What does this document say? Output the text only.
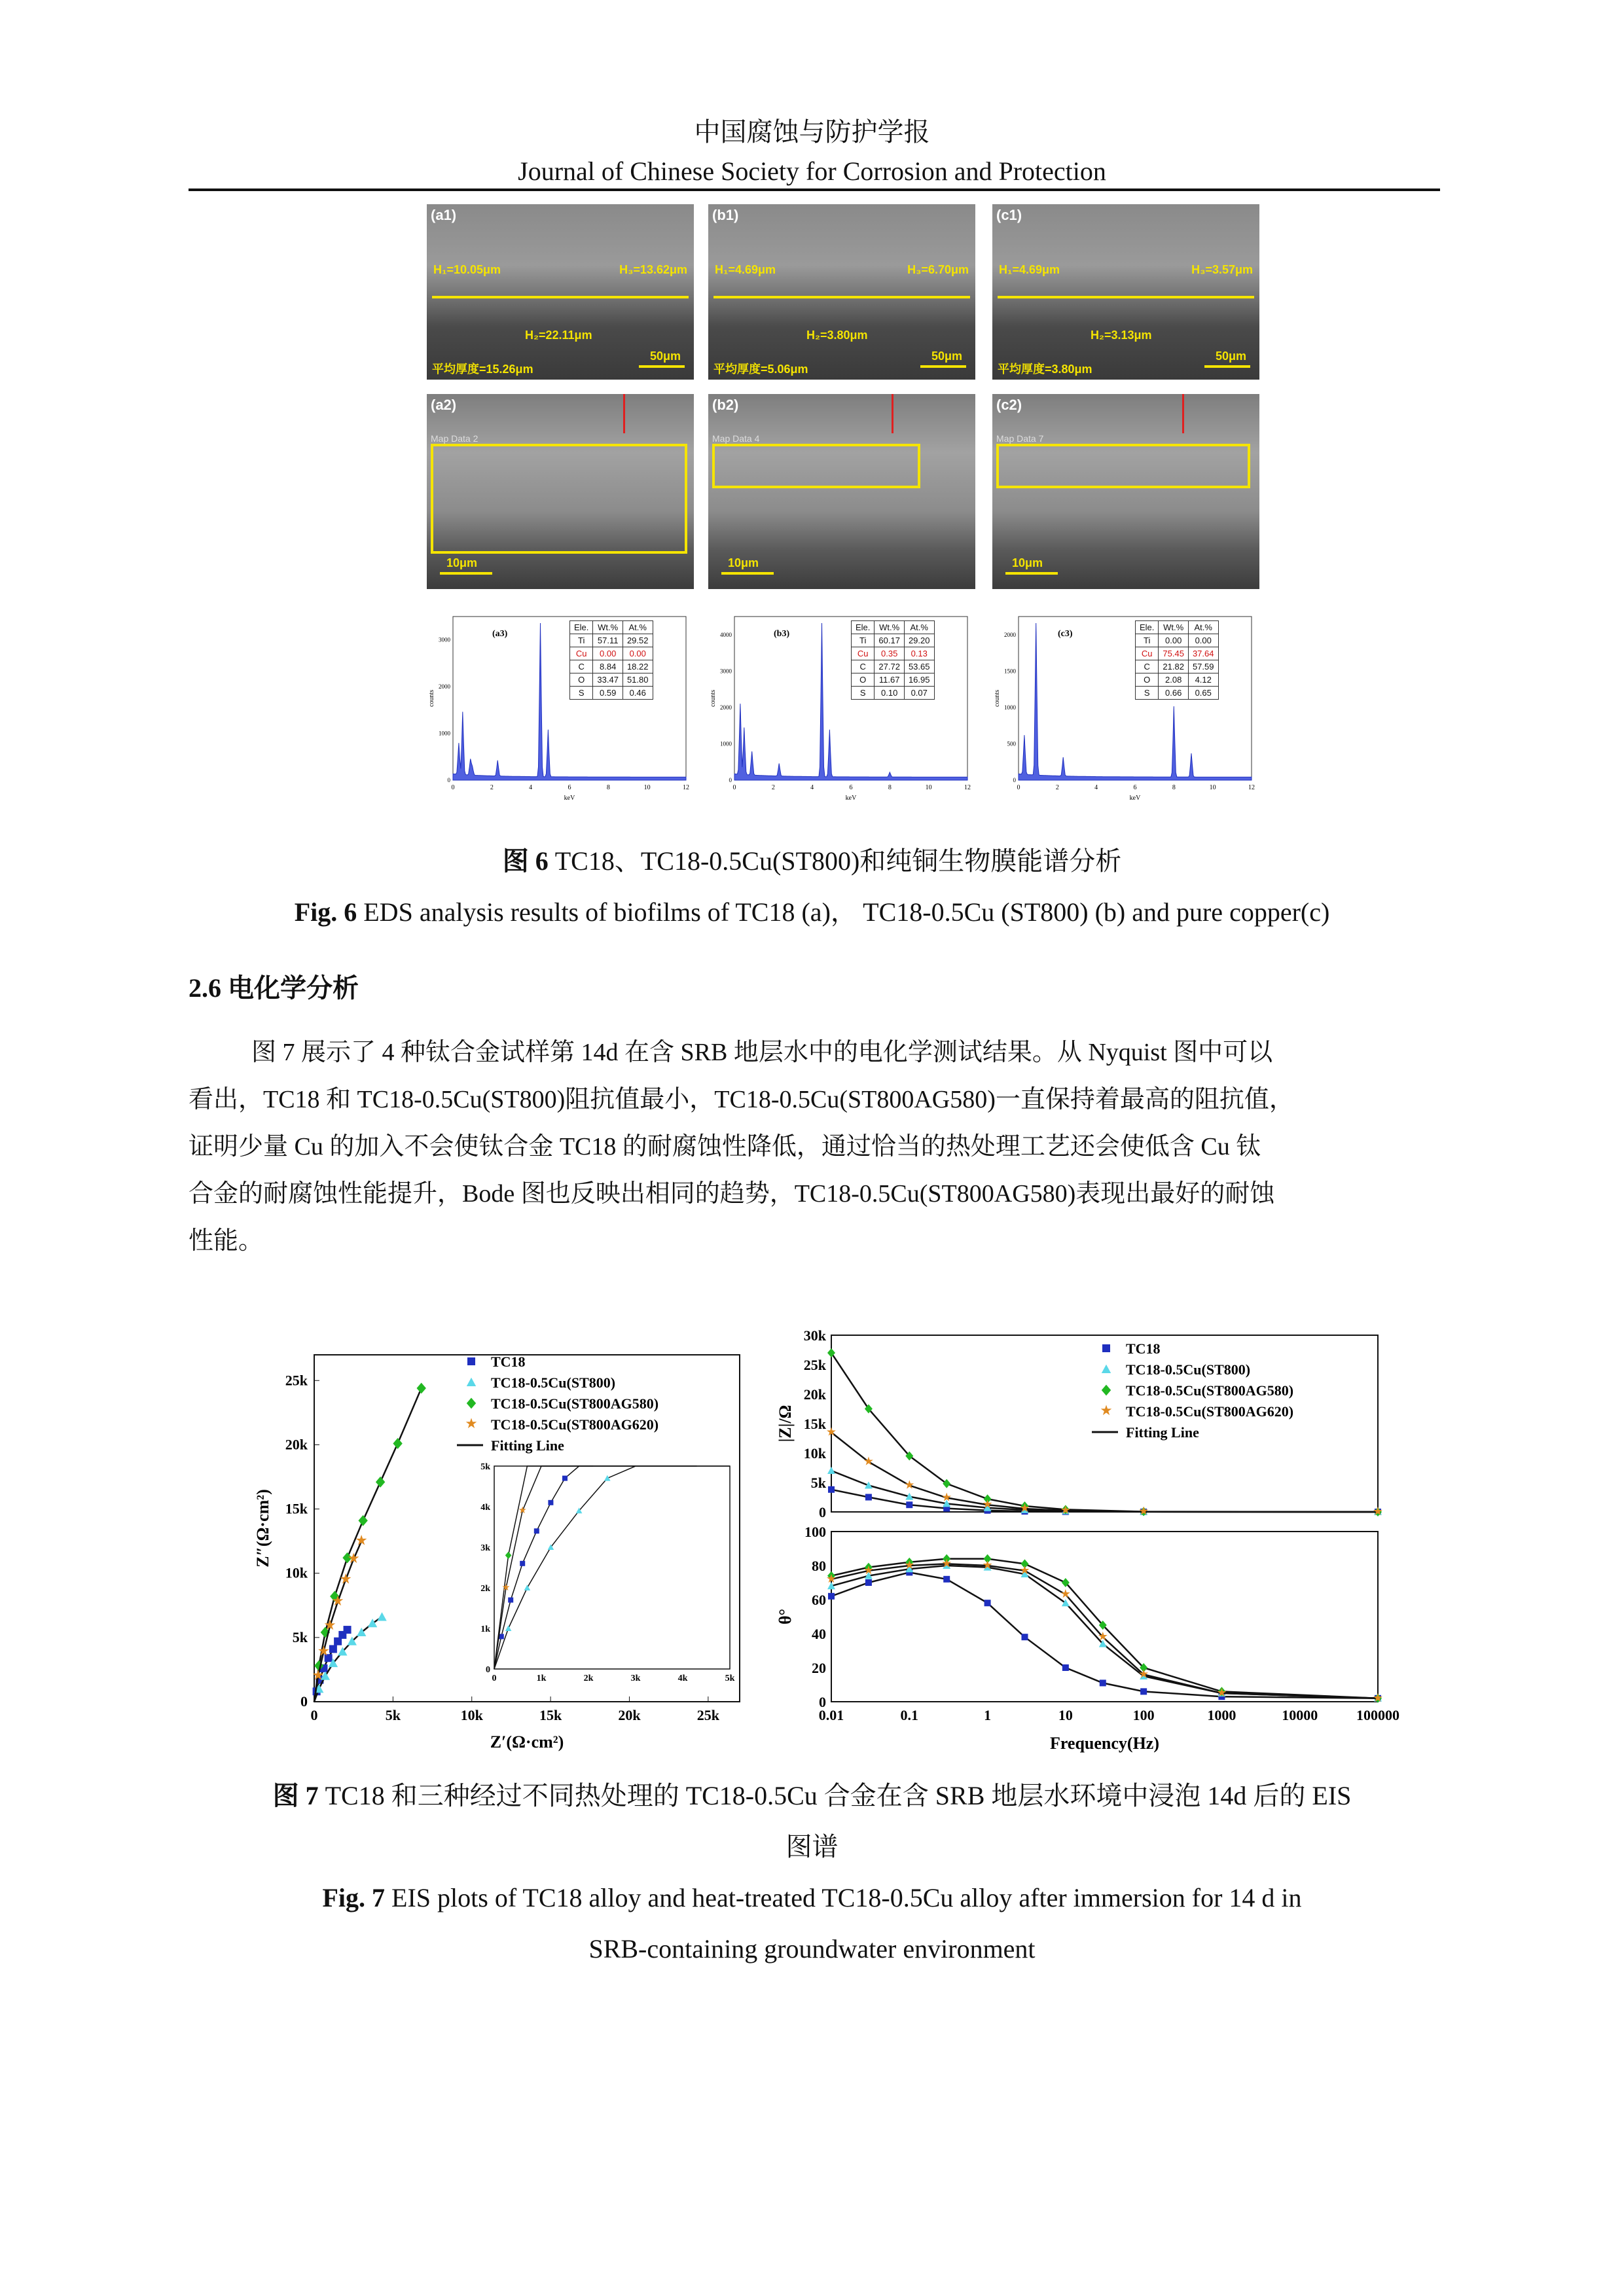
中国腐蚀与防护学报
Journal of Chinese Society for Corrosion and Protection
(a1)
H₁=10.05μm	H₃=13.62μm
H₂=22.11μm
平均厚度=15.26μm
50μm
(b1)
H₁=4.69μm	H₃=6.70μm
H₂=3.80μm
平均厚度=5.06μm
50μm
(c1)
H₁=4.69μm	H₃=3.57μm
H₂=3.13μm
平均厚度=3.80μm
50μm
(a2)
Map Data 2
10μm
(b2)
Map Data 4
10μm
(c2)
Map Data 7
10μm
0	2	4	6	8	10	12
keV
0
1000
2000
3000
counts
(a3)
Ele.	Wt.%	At.%
Ti	57.11	29.52
Cu	0.00	0.00
C	8.84	18.22
O	33.47	51.80
S	0.59	0.46
0	2	4	6	8	10	12
keV
0
1000
2000
3000
4000
counts
(b3)
Ele.	Wt.%	At.%
Ti	60.17	29.20
Cu	0.35	0.13
C	27.72	53.65
O	11.67	16.95
S	0.10	0.07
0	2	4	6	8	10	12
keV
0
500
1000
1500
2000
counts
(c3)
Ele.	Wt.%	At.%
Ti	0.00	0.00
Cu	75.45	37.64
C	21.82	57.59
O	2.08	4.12
S	0.66	0.65
图 6 TC18、TC18-0.5Cu(ST800)和纯铜生物膜能谱分析
Fig. 6 EDS analysis results of biofilms of TC18 (a)， TC18-0.5Cu (ST800) (b) and pure copper(c)
2.6 电化学分析
图 7 展示了 4 种钛合金试样第 14d 在含 SRB 地层水中的电化学测试结果。从 Nyquist 图中可以
看出，TC18 和 TC18-0.5Cu(ST800)阻抗值最小，TC18-0.5Cu(ST800AG580)一直保持着最高的阻抗值，
证明少量 Cu 的加入不会使钛合金 TC18 的耐腐蚀性降低，通过恰当的热处理工艺还会使低含 Cu 钛
合金的耐腐蚀性能提升，Bode 图也反映出相同的趋势，TC18-0.5Cu(ST800AG580)表现出最好的耐蚀
性能。
0	5k	10k	15k	20k	25k
0
5k
10k
15k
20k
25k
Z′(Ω·cm²)
Z″(Ω·cm²)
★
★
★
★
★
★
★
TC18
TC18-0.5Cu(ST800)
TC18-0.5Cu(ST800AG580)
★ TC18-0.5Cu(ST800AG620)
Fitting Line
0	1k	2k	3k	4k	5k
0
1k
2k
3k
4k
5k
★
★	0
5k
10k
15k
20k
25k
30k
|Z|/Ω	★
★
★
★
★ ★	★	★	★
TC18
TC18-0.5Cu(ST800)
TC18-0.5Cu(ST800AG580)
★ TC18-0.5Cu(ST800AG620)
Fitting Line
0
20
40
60
80
100
θ°
0.01	0.1	1	10	100	1000	10000	100000
Frequency(Hz)
★
★	★ ★	★ ★
★
★
★
★	★
图 7 TC18 和三种经过不同热处理的 TC18-0.5Cu 合金在含 SRB 地层水环境中浸泡 14d 后的 EIS
图谱
Fig. 7 EIS plots of TC18 alloy and heat-treated TC18-0.5Cu alloy after immersion for 14 d in
SRB-containing groundwater environment
